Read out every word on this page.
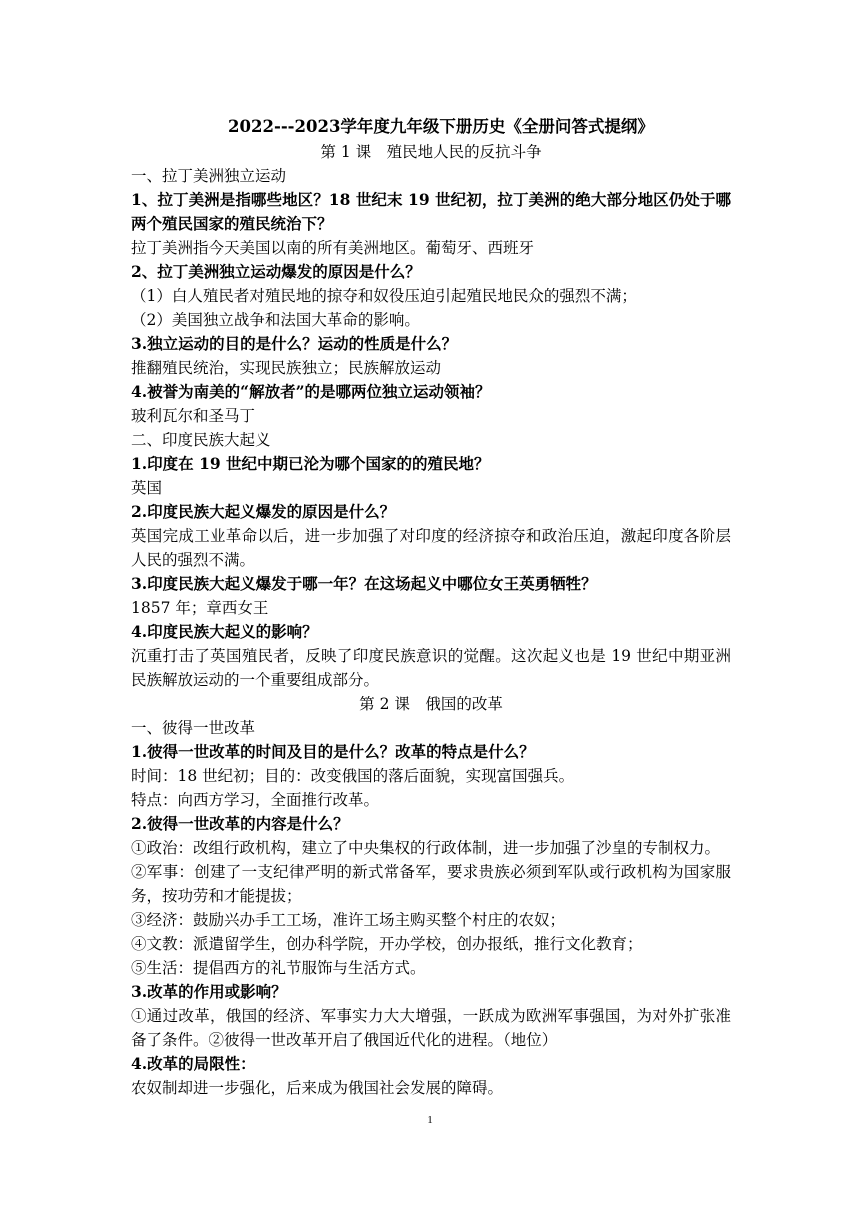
2022---2023学年度九年级下册历史《全册问答式提纲》
第 1 课　殖民地人民的反抗斗争
一、拉丁美洲独立运动
1、拉丁美洲是指哪些地区？18 世纪末 19 世纪初，拉丁美洲的绝大部分地区仍处于哪两个殖民国家的殖民统治下？
拉丁美洲指今天美国以南的所有美洲地区。葡萄牙、西班牙
2、拉丁美洲独立运动爆发的原因是什么？
（1）白人殖民者对殖民地的掠夺和奴役压迫引起殖民地民众的强烈不满；
（2）美国独立战争和法国大革命的影响。
3.独立运动的目的是什么？运动的性质是什么？
推翻殖民统治，实现民族独立；民族解放运动
4.被誉为南美的“解放者”的是哪两位独立运动领袖？
玻利瓦尔和圣马丁
二、印度民族大起义
1.印度在 19 世纪中期已沦为哪个国家的的殖民地？
英国
2.印度民族大起义爆发的原因是什么？
英国完成工业革命以后，进一步加强了对印度的经济掠夺和政治压迫，激起印度各阶层人民的强烈不满。
3.印度民族大起义爆发于哪一年？在这场起义中哪位女王英勇牺牲？
1857 年；章西女王
4.印度民族大起义的影响？
沉重打击了英国殖民者，反映了印度民族意识的觉醒。这次起义也是 19 世纪中期亚洲民族解放运动的一个重要组成部分。
第 2 课　俄国的改革
一、彼得一世改革
1.彼得一世改革的时间及目的是什么？改革的特点是什么？
时间：18 世纪初；目的：改变俄国的落后面貌，实现富国强兵。
特点：向西方学习，全面推行改革。
2.彼得一世改革的内容是什么？
①政治：改组行政机构，建立了中央集权的行政体制，进一步加强了沙皇的专制权力。
②军事：创建了一支纪律严明的新式常备军，要求贵族必须到军队或行政机构为国家服务，按功劳和才能提拔；
③经济：鼓励兴办手工工场，准许工场主购买整个村庄的农奴；
④文教：派遣留学生，创办科学院，开办学校，创办报纸，推行文化教育；
⑤生活：提倡西方的礼节服饰与生活方式。
3.改革的作用或影响？
①通过改革，俄国的经济、军事实力大大增强，一跃成为欧洲军事强国，为对外扩张准备了条件。②彼得一世改革开启了俄国近代化的进程。（地位）
4.改革的局限性：
农奴制却进一步强化，后来成为俄国社会发展的障碍。
1
